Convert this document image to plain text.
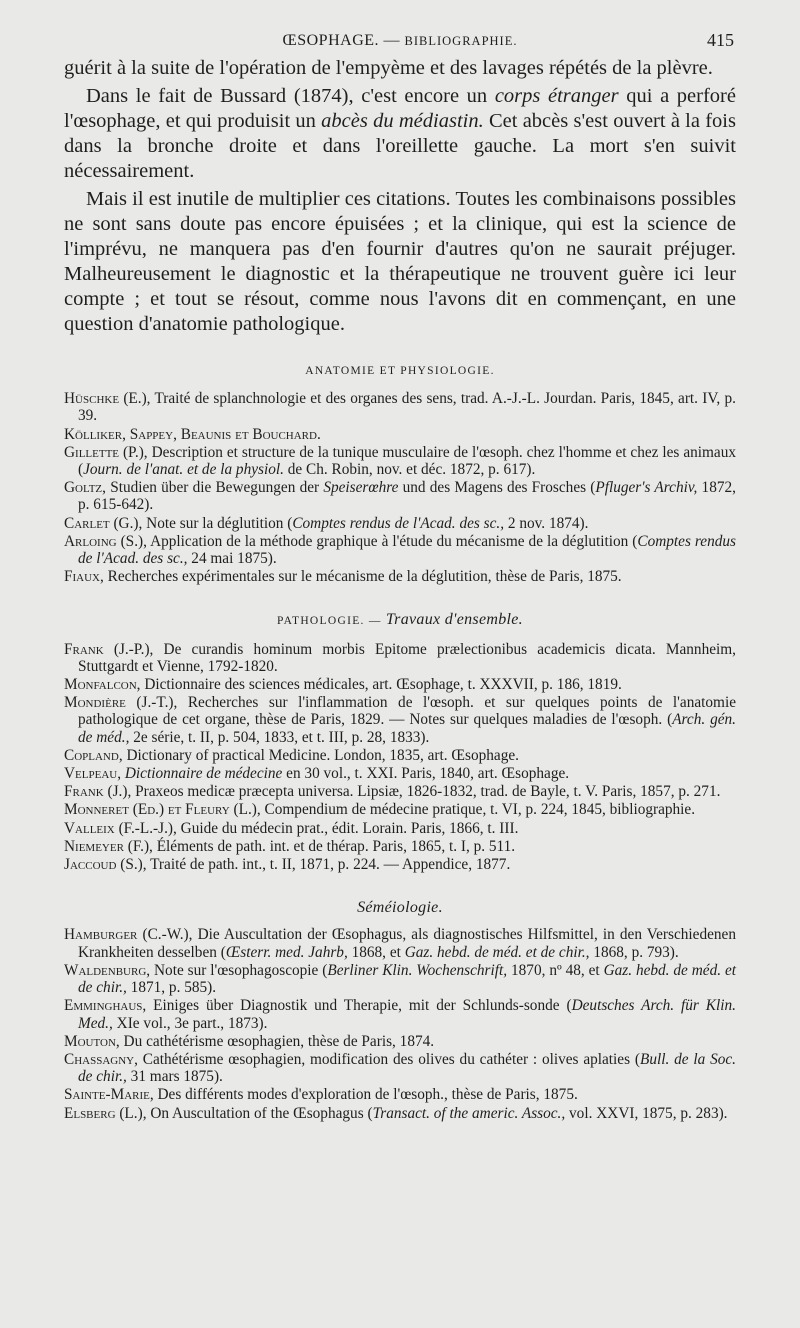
ŒSOPHAGE. — BIBLIOGRAPHIE.	415

guérit à la suite de l'opération de l'empyème et des lavages répétés de la plèvre.

Dans le fait de Bussard (1874), c'est encore un corps étranger qui a perforé l'œsophage, et qui produisit un abcès du médiastin. Cet abcès s'est ouvert à la fois dans la bronche droite et dans l'oreillette gauche. La mort s'en suivit nécessairement.

Mais il est inutile de multiplier ces citations. Toutes les combinaisons possibles ne sont sans doute pas encore épuisées ; et la clinique, qui est la science de l'imprévu, ne manquera pas d'en fournir d'autres qu'on ne saurait préjuger. Malheureusement le diagnostic et la thérapeutique ne trouvent guère ici leur compte ; et tout se résout, comme nous l'avons dit en commençant, en une question d'anatomie pathologique.

ANATOMIE ET PHYSIOLOGIE.

Hüschke (E.), Traité de splanchnologie et des organes des sens, trad. A.-J.-L. Jourdan. Paris, 1845, art. IV, p. 39.

Kölliker, Sappey, Beaunis et Bouchard.

Gillette (P.), Description et structure de la tunique musculaire de l'œsoph. chez l'homme et chez les animaux (Journ. de l'anat. et de la physiol. de Ch. Robin, nov. et déc. 1872, p. 617).

Goltz, Studien über die Bewegungen der Speiserœhre und des Magens des Frosches (Pfluger's Archiv, 1872, p. 615-642).

Carlet (G.), Note sur la déglutition (Comptes rendus de l'Acad. des sc., 2 nov. 1874).

Arloing (S.), Application de la méthode graphique à l'étude du mécanisme de la déglutition (Comptes rendus de l'Acad. des sc., 24 mai 1875).

Fiaux, Recherches expérimentales sur le mécanisme de la déglutition, thèse de Paris, 1875.

PATHOLOGIE. — Travaux d'ensemble.

Frank (J.-P.), De curandis hominum morbis Epitome prælectionibus academicis dicata. Mannheim, Stuttgardt et Vienne, 1792-1820.

Monfalcon, Dictionnaire des sciences médicales, art. Œsophage, t. XXXVII, p. 186, 1819.

Mondière (J.-T.), Recherches sur l'inflammation de l'œsoph. et sur quelques points de l'anatomie pathologique de cet organe, thèse de Paris, 1829. — Notes sur quelques maladies de l'œsoph. (Arch. gén. de méd., 2e série, t. II, p. 504, 1833, et t. III, p. 28, 1833).

Copland, Dictionary of practical Medicine. London, 1835, art. Œsophage.

Velpeau, Dictionnaire de médecine en 30 vol., t. XXI. Paris, 1840, art. Œsophage.

Frank (J.), Praxeos medicæ præcepta universa. Lipsiæ, 1826-1832, trad. de Bayle, t. V. Paris, 1857, p. 271.

Monneret (Ed.) et Fleury (L.), Compendium de médecine pratique, t. VI, p. 224, 1845, bibliographie.

Valleix (F.-L.-J.), Guide du médecin prat., édit. Lorain. Paris, 1866, t. III.

Niemeyer (F.), Éléments de path. int. et de thérap. Paris, 1865, t. I, p. 511.

Jaccoud (S.), Traité de path. int., t. II, 1871, p. 224. — Appendice, 1877.

Séméiologie.

Hamburger (C.-W.), Die Auscultation der Œsophagus, als diagnostisches Hilfsmittel, in den Verschiedenen Krankheiten desselben (Œsterr. med. Jahrb, 1868, et Gaz. hebd. de méd. et de chir., 1868, p. 793).

Waldenburg, Note sur l'œsophagoscopie (Berliner Klin. Wochenschrift, 1870, nº 48, et Gaz. hebd. de méd. et de chir., 1871, p. 585).

Emminghaus, Einiges über Diagnostik und Therapie, mit der Schlunds-sonde (Deutsches Arch. für Klin. Med., XIe vol., 3e part., 1873).

Mouton, Du cathétérisme œsophagien, thèse de Paris, 1874.

Chassagny, Cathétérisme œsophagien, modification des olives du cathéter : olives aplaties (Bull. de la Soc. de chir., 31 mars 1875).

Sainte-Marie, Des différents modes d'exploration de l'œsoph., thèse de Paris, 1875.

Elsberg (L.), On Auscultation of the Œsophagus (Transact. of the americ. Assoc., vol. XXVI, 1875, p. 283).
